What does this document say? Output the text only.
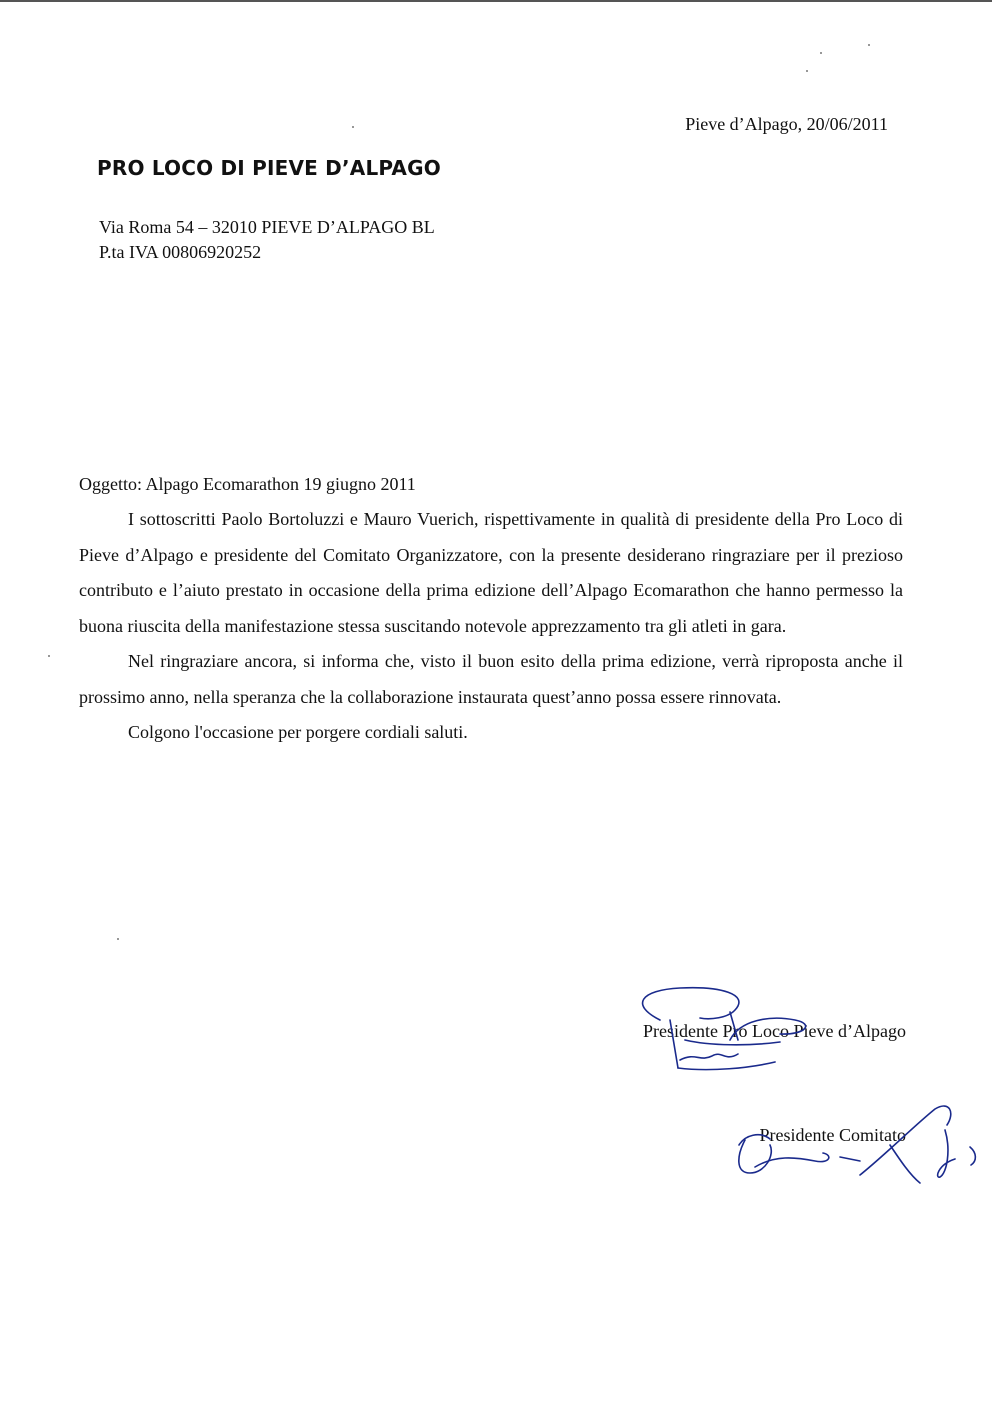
Pieve d’Alpago, 20/06/2011
PRO LOCO DI PIEVE D’ALPAGO
Via Roma 54 – 32010 PIEVE D’ALPAGO BL
P.ta IVA 00806920252
Oggetto: Alpago Ecomarathon 19 giugno 2011

I sottoscritti Paolo Bortoluzzi e Mauro Vuerich, rispettivamente in qualità di presidente della Pro Loco di Pieve d’Alpago e presidente del Comitato Organizzatore, con la presente desiderano ringraziare per il prezioso contributo e l’aiuto prestato in occasione della prima edizione dell’Alpago Ecomarathon che hanno permesso la buona riuscita della manifestazione stessa suscitando notevole apprezzamento tra gli atleti in gara.

Nel ringraziare ancora, si informa che, visto il buon esito della prima edizione, verrà riproposta anche il prossimo anno, nella speranza che la collaborazione instaurata quest’anno possa essere rinnovata.

Colgono l'occasione per porgere cordiali saluti.

Presidente Pro Loco Pieve d’Alpago
Presidente Comitato
